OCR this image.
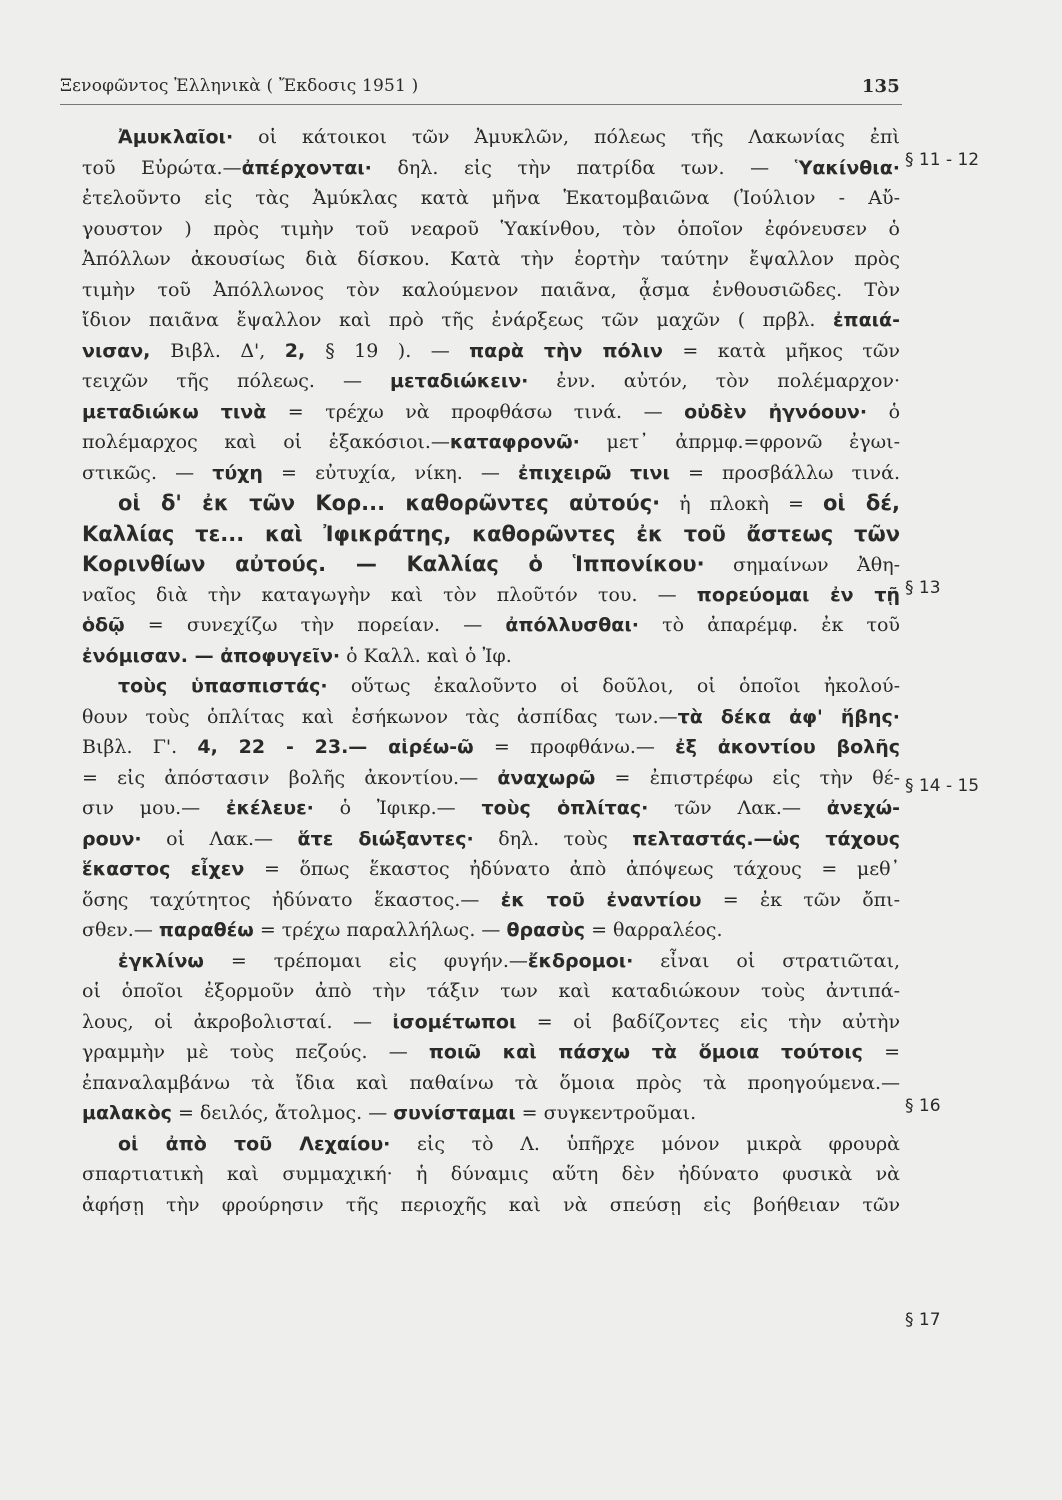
Ξενοφῶντος Ἑλληνικὰ ( Ἔκδοσις 1951 )	135
§ 11 - 12
§ 13
§ 14 - 15
§ 16
§ 17
Ἀμυκλαῖοι· οἱ κάτοικοι τῶν Ἀμυκλῶν, πόλεως τῆς Λακωνίας ἐπὶ
τοῦ Εὐρώτα.—ἀπέρχονται· δηλ. εἰς τὴν πατρίδα των. — Ὑακίνθια·
ἐτελοῦντο εἰς τὰς Ἀμύκλας κατὰ μῆνα Ἑκατομβαιῶνα (Ἰούλιον - Αὔ-
γουστον ) πρὸς τιμὴν τοῦ νεαροῦ Ὑακίνθου, τὸν ὁποῖον ἐφόνευσεν ὁ
Ἀπόλλων ἀκουσίως διὰ δίσκου. Κατὰ τὴν ἑορτὴν ταύτην ἔψαλλον πρὸς
τιμὴν τοῦ Ἀπόλλωνος τὸν καλούμενον παιᾶνα, ᾆσμα ἐνθουσιῶδες. Τὸν
ἴδιον παιᾶνα ἔψαλλον καὶ πρὸ τῆς ἐνάρξεως τῶν μαχῶν ( πρβλ. ἐπαιά-
νισαν, Βιβλ. Δ', 2, § 19 ). — παρὰ τὴν πόλιν = κατὰ μῆκος τῶν
τειχῶν τῆς πόλεως. — μεταδιώκειν· ἐνν. αὐτόν, τὸν πολέμαρχον·
μεταδιώκω τινὰ = τρέχω νὰ προφθάσω τινά. — οὐδὲν ἠγνόουν· ὁ
πολέμαρχος καὶ οἱ ἑξακόσιοι.—καταφρονῶ· μετ᾽ ἀπρμφ.=φρονῶ ἐγωι-
στικῶς. — τύχη = εὐτυχία, νίκη. — ἐπιχειρῶ τινι = προσβάλλω τινά.
οἱ δ' ἐκ τῶν Κορ... καθορῶντες αὐτούς· ἡ πλοκὴ = οἱ δέ,
Καλλίας τε... καὶ Ἰφικράτης, καθορῶντες ἐκ τοῦ ἄστεως τῶν
Κορινθίων αὐτούς. — Καλλίας ὁ Ἱππονίκου· σημαίνων Ἀθη-
ναῖος διὰ τὴν καταγωγὴν καὶ τὸν πλοῦτόν του. — πορεύομαι ἐν τῇ
ὁδῷ = συνεχίζω τὴν πορείαν. — ἀπόλλυσθαι· τὸ ἀπαρέμφ. ἐκ τοῦ
ἐνόμισαν. — ἀποφυγεῖν· ὁ Καλλ. καὶ ὁ Ἰφ.
τοὺς ὑπασπιστάς· οὕτως ἐκαλοῦντο οἱ δοῦλοι, οἱ ὁποῖοι ἠκολού-
θουν τοὺς ὁπλίτας καὶ ἐσήκωνον τὰς ἀσπίδας των.—τὰ δέκα ἀφ' ἥβης·
Βιβλ. Γ'. 4, 22 - 23.— αἱρέω-ῶ = προφθάνω.— ἐξ ἀκοντίου βολῆς
= εἰς ἀπόστασιν βολῆς ἀκοντίου.— ἀναχωρῶ = ἐπιστρέφω εἰς τὴν θέ-
σιν μου.— ἐκέλευε· ὁ Ἰφικρ.— τοὺς ὁπλίτας· τῶν Λακ.— ἀνεχώ-
ρουν· οἱ Λακ.— ἅτε διώξαντες· δηλ. τοὺς πελταστάς.—ὡς τάχους
ἕκαστος εἶχεν = ὅπως ἕκαστος ἠδύνατο ἀπὸ ἀπόψεως τάχους = μεθ᾽
ὅσης ταχύτητος ἠδύνατο ἕκαστος.— ἐκ τοῦ ἐναντίου = ἐκ τῶν ὄπι-
σθεν.— παραθέω = τρέχω παραλλήλως. — θρασὺς = θαρραλέος.
ἐγκλίνω = τρέπομαι εἰς φυγήν.—ἔκδρομοι· εἶναι οἱ στρατιῶται,
οἱ ὁποῖοι ἐξορμοῦν ἀπὸ τὴν τάξιν των καὶ καταδιώκουν τοὺς ἀντιπά-
λους, οἱ ἀκροβολισταί. — ἰσομέτωποι = οἱ βαδίζοντες εἰς τὴν αὐτὴν
γραμμὴν μὲ τοὺς πεζούς. — ποιῶ καὶ πάσχω τὰ ὅμοια τούτοις =
ἐπαναλαμβάνω τὰ ἴδια καὶ παθαίνω τὰ ὅμοια πρὸς τὰ προηγούμενα.—
μαλακὸς = δειλός, ἄτολμος. — συνίσταμαι = συγκεντροῦμαι.
οἱ ἀπὸ τοῦ Λεχαίου· εἰς τὸ Λ. ὑπῆρχε μόνον μικρὰ φρουρὰ
σπαρτιατικὴ καὶ συμμαχική· ἡ δύναμις αὕτη δὲν ἠδύνατο φυσικὰ νὰ
ἀφήσῃ τὴν φρούρησιν τῆς περιοχῆς καὶ νὰ σπεύσῃ εἰς βοήθειαν τῶν
